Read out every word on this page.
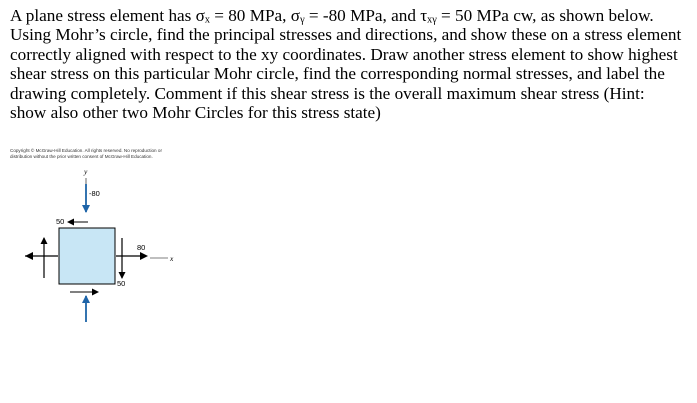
A plane stress element has σₓ = 80 MPa, σᵧ = -80 MPa, and τₓᵧ = 50 MPa cw, as shown below.
Using Mohr’s circle, find the principal stresses and directions, and show these on a stress element
correctly aligned with respect to the xy coordinates. Draw another stress element to show highest
shear stress on this particular Mohr circle, find the corresponding normal stresses, and label the
drawing completely. Comment if this shear stress is the overall maximum shear stress (Hint:
show also other two Mohr Circles for this stress state)
Copyright © McGraw-Hill Education. All rights reserved. No reproduction or
distribution without the prior written consent of McGraw-Hill Education.
y
-80
50
80
x
50
